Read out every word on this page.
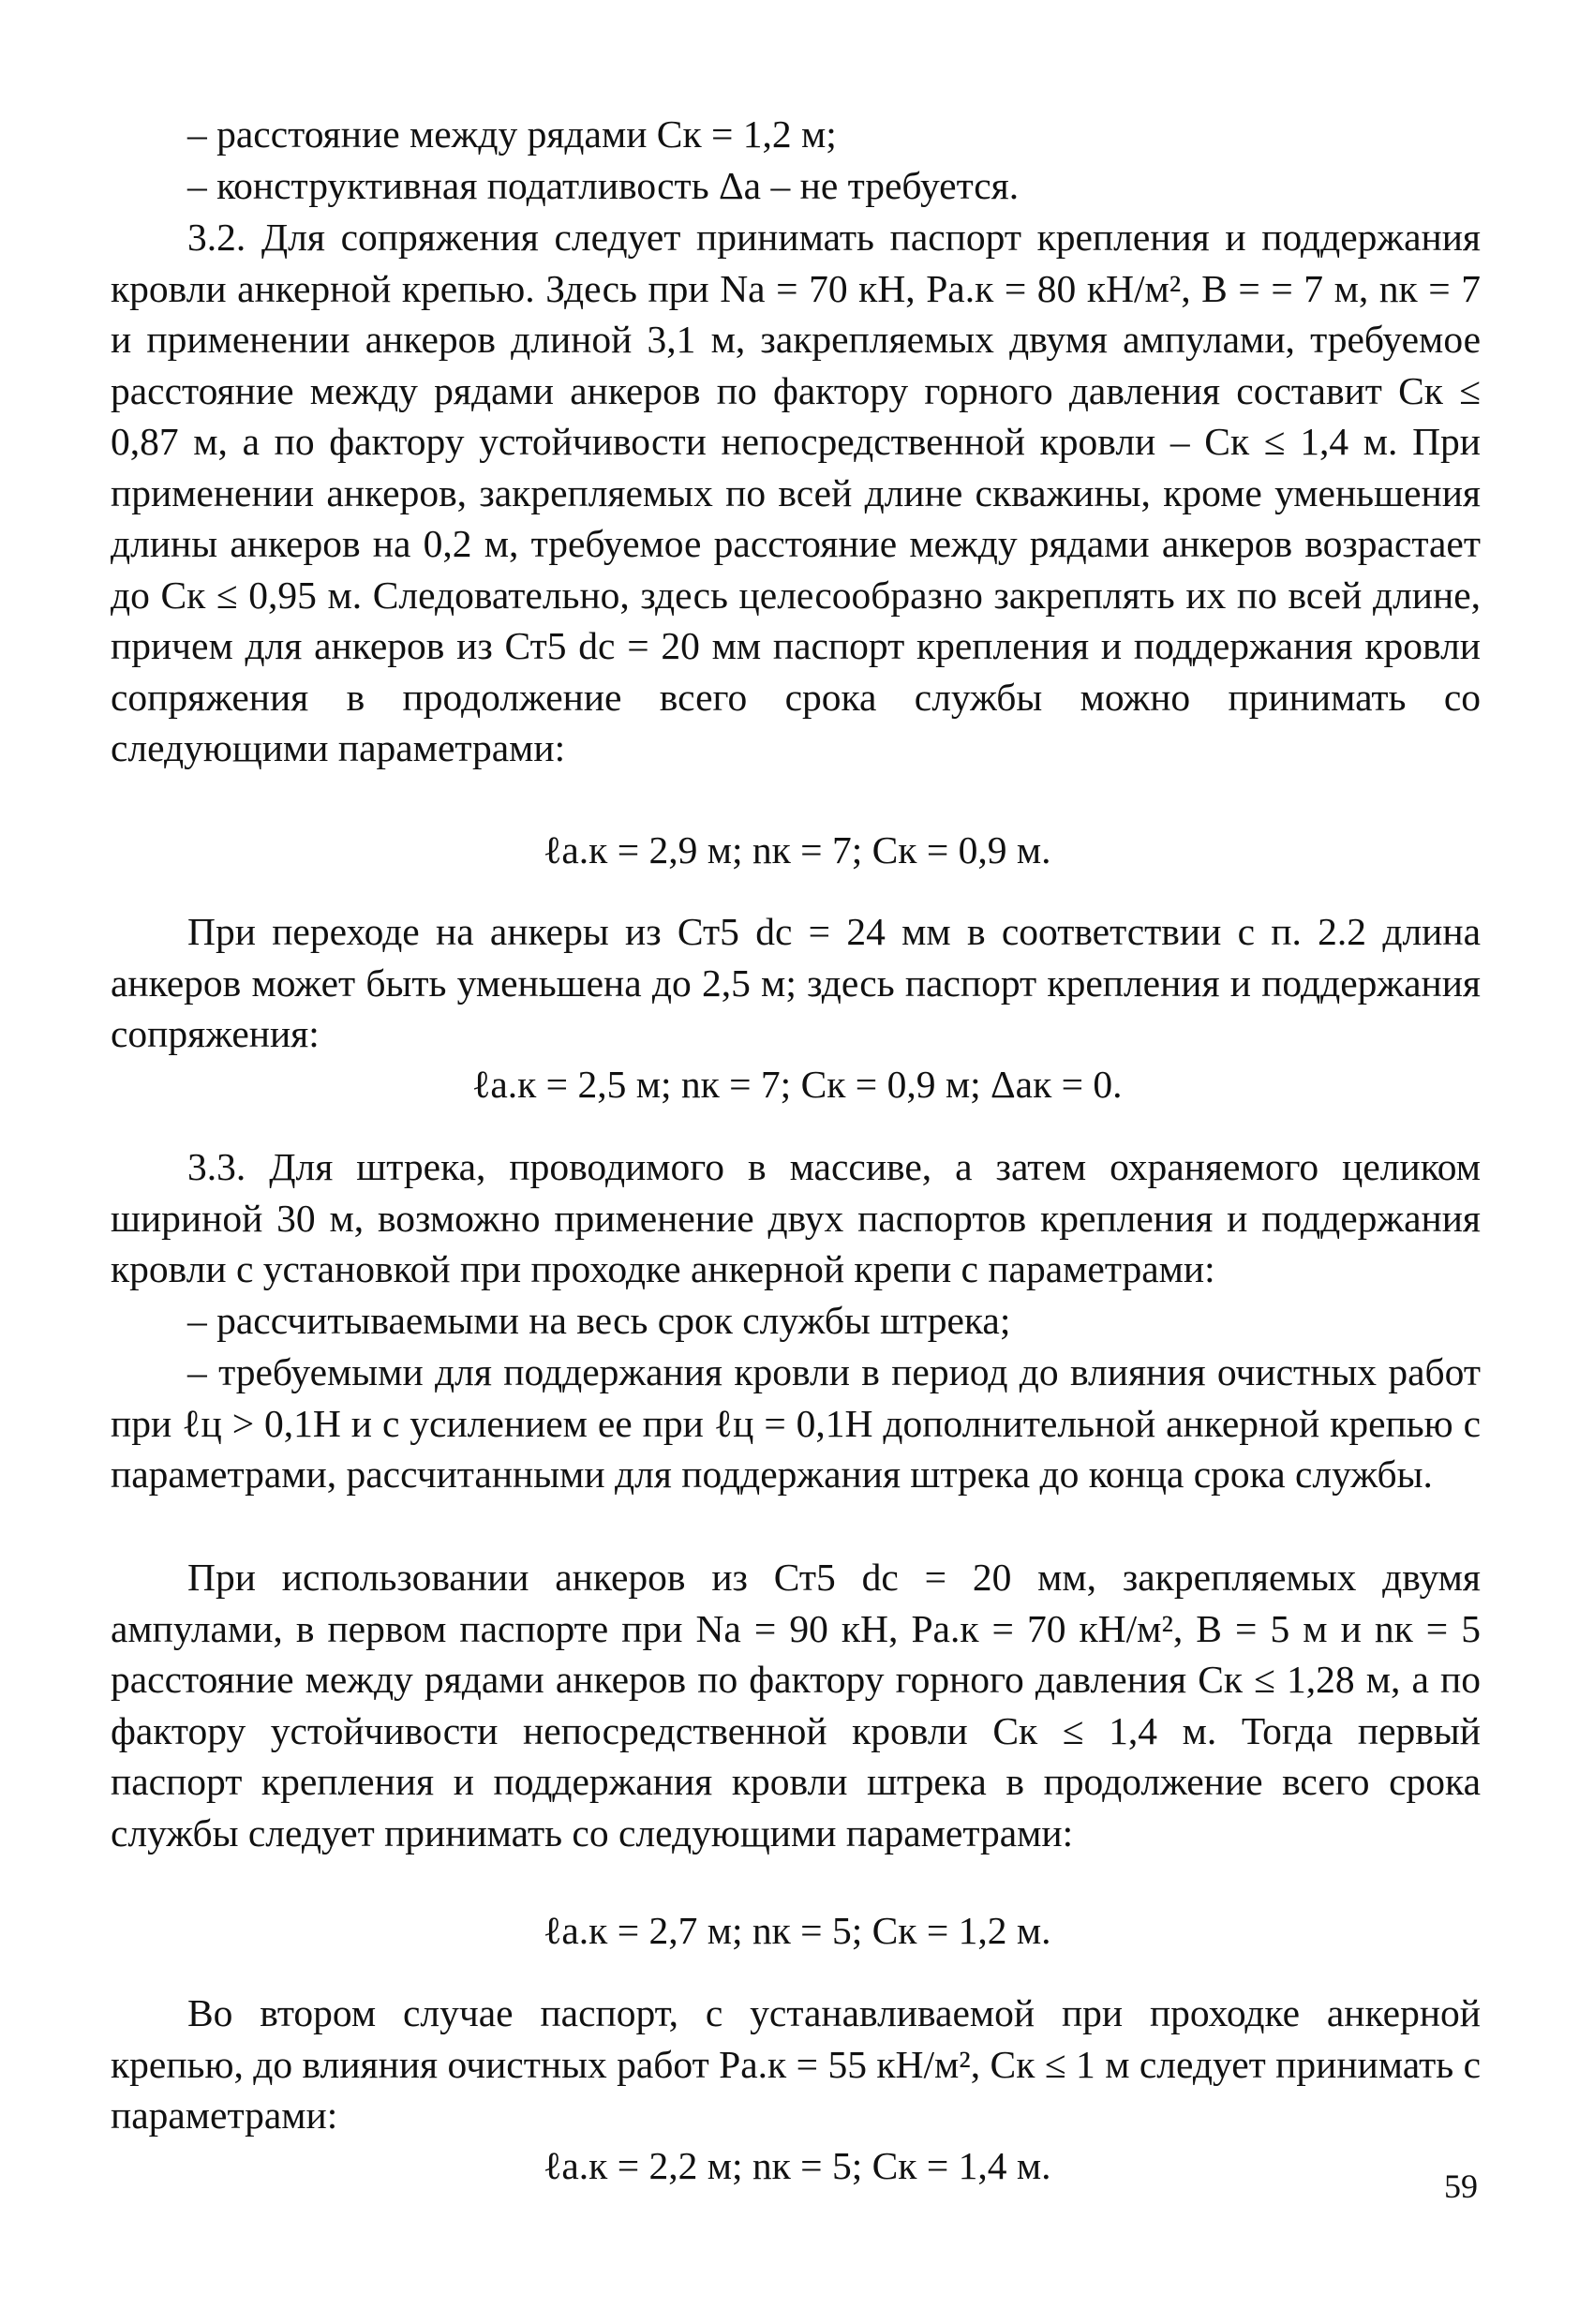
– расстояние между рядами Cк = 1,2 м;

– конструктивная податливость Δа – не требуется.

3.2. Для сопряжения следует принимать паспорт крепления и поддержания кровли анкерной крепью. Здесь при Nа = 70 кН, Pа.к = 80 кН/м², В = = 7 м, nк = 7 и применении анкеров длиной 3,1 м, закрепляемых двумя ампулами, требуемое расстояние между рядами анкеров по фактору горного давления составит Cк ≤ 0,87 м, а по фактору устойчивости непосредственной кровли – Cк ≤ 1,4 м. При применении анкеров, закрепляемых по всей длине скважины, кроме уменьшения длины анкеров на 0,2 м, требуемое расстояние между рядами анкеров возрастает до Cк ≤ 0,95 м. Следовательно, здесь целесообразно закреплять их по всей длине, причем для анкеров из Ст5 dc = 20 мм паспорт крепления и поддержания кровли сопряжения в продолжение всего срока службы можно принимать со следующими параметрами:

ℓа.к = 2,9 м; nк = 7; Cк = 0,9 м.

При переходе на анкеры из Ст5 dc = 24 мм в соответствии с п. 2.2 длина анкеров может быть уменьшена до 2,5 м; здесь паспорт крепления и поддержания сопряжения:

ℓа.к = 2,5 м; nк = 7; Cк = 0,9 м; Δак = 0.

3.3. Для штрека, проводимого в массиве, а затем охраняемого целиком шириной 30 м, возможно применение двух паспортов крепления и поддержания кровли с установкой при проходке анкерной крепи с параметрами:

– рассчитываемыми на весь срок службы штрека;

– требуемыми для поддержания кровли в период до влияния очистных работ при ℓц > 0,1H и с усилением ее при ℓц = 0,1H дополнительной анкерной крепью с параметрами, рассчитанными для поддержания штрека до конца срока службы.

При использовании анкеров из Ст5 dc = 20 мм, закрепляемых двумя ампулами, в первом паспорте при Nа = 90 кН, Pа.к = 70 кН/м², B = 5 м и nк = 5 расстояние между рядами анкеров по фактору горного давления Cк ≤ 1,28 м, а по фактору устойчивости непосредственной кровли Cк ≤ 1,4 м. Тогда первый паспорт крепления и поддержания кровли штрека в продолжение всего срока службы следует принимать со следующими параметрами:

ℓа.к = 2,7 м; nк = 5; Cк = 1,2 м.

Во втором случае паспорт, с устанавливаемой при проходке анкерной крепью, до влияния очистных работ Pа.к = 55 кН/м², Cк ≤ 1 м следует принимать с параметрами:

ℓа.к = 2,2 м; nк = 5; Cк = 1,4 м.	59
